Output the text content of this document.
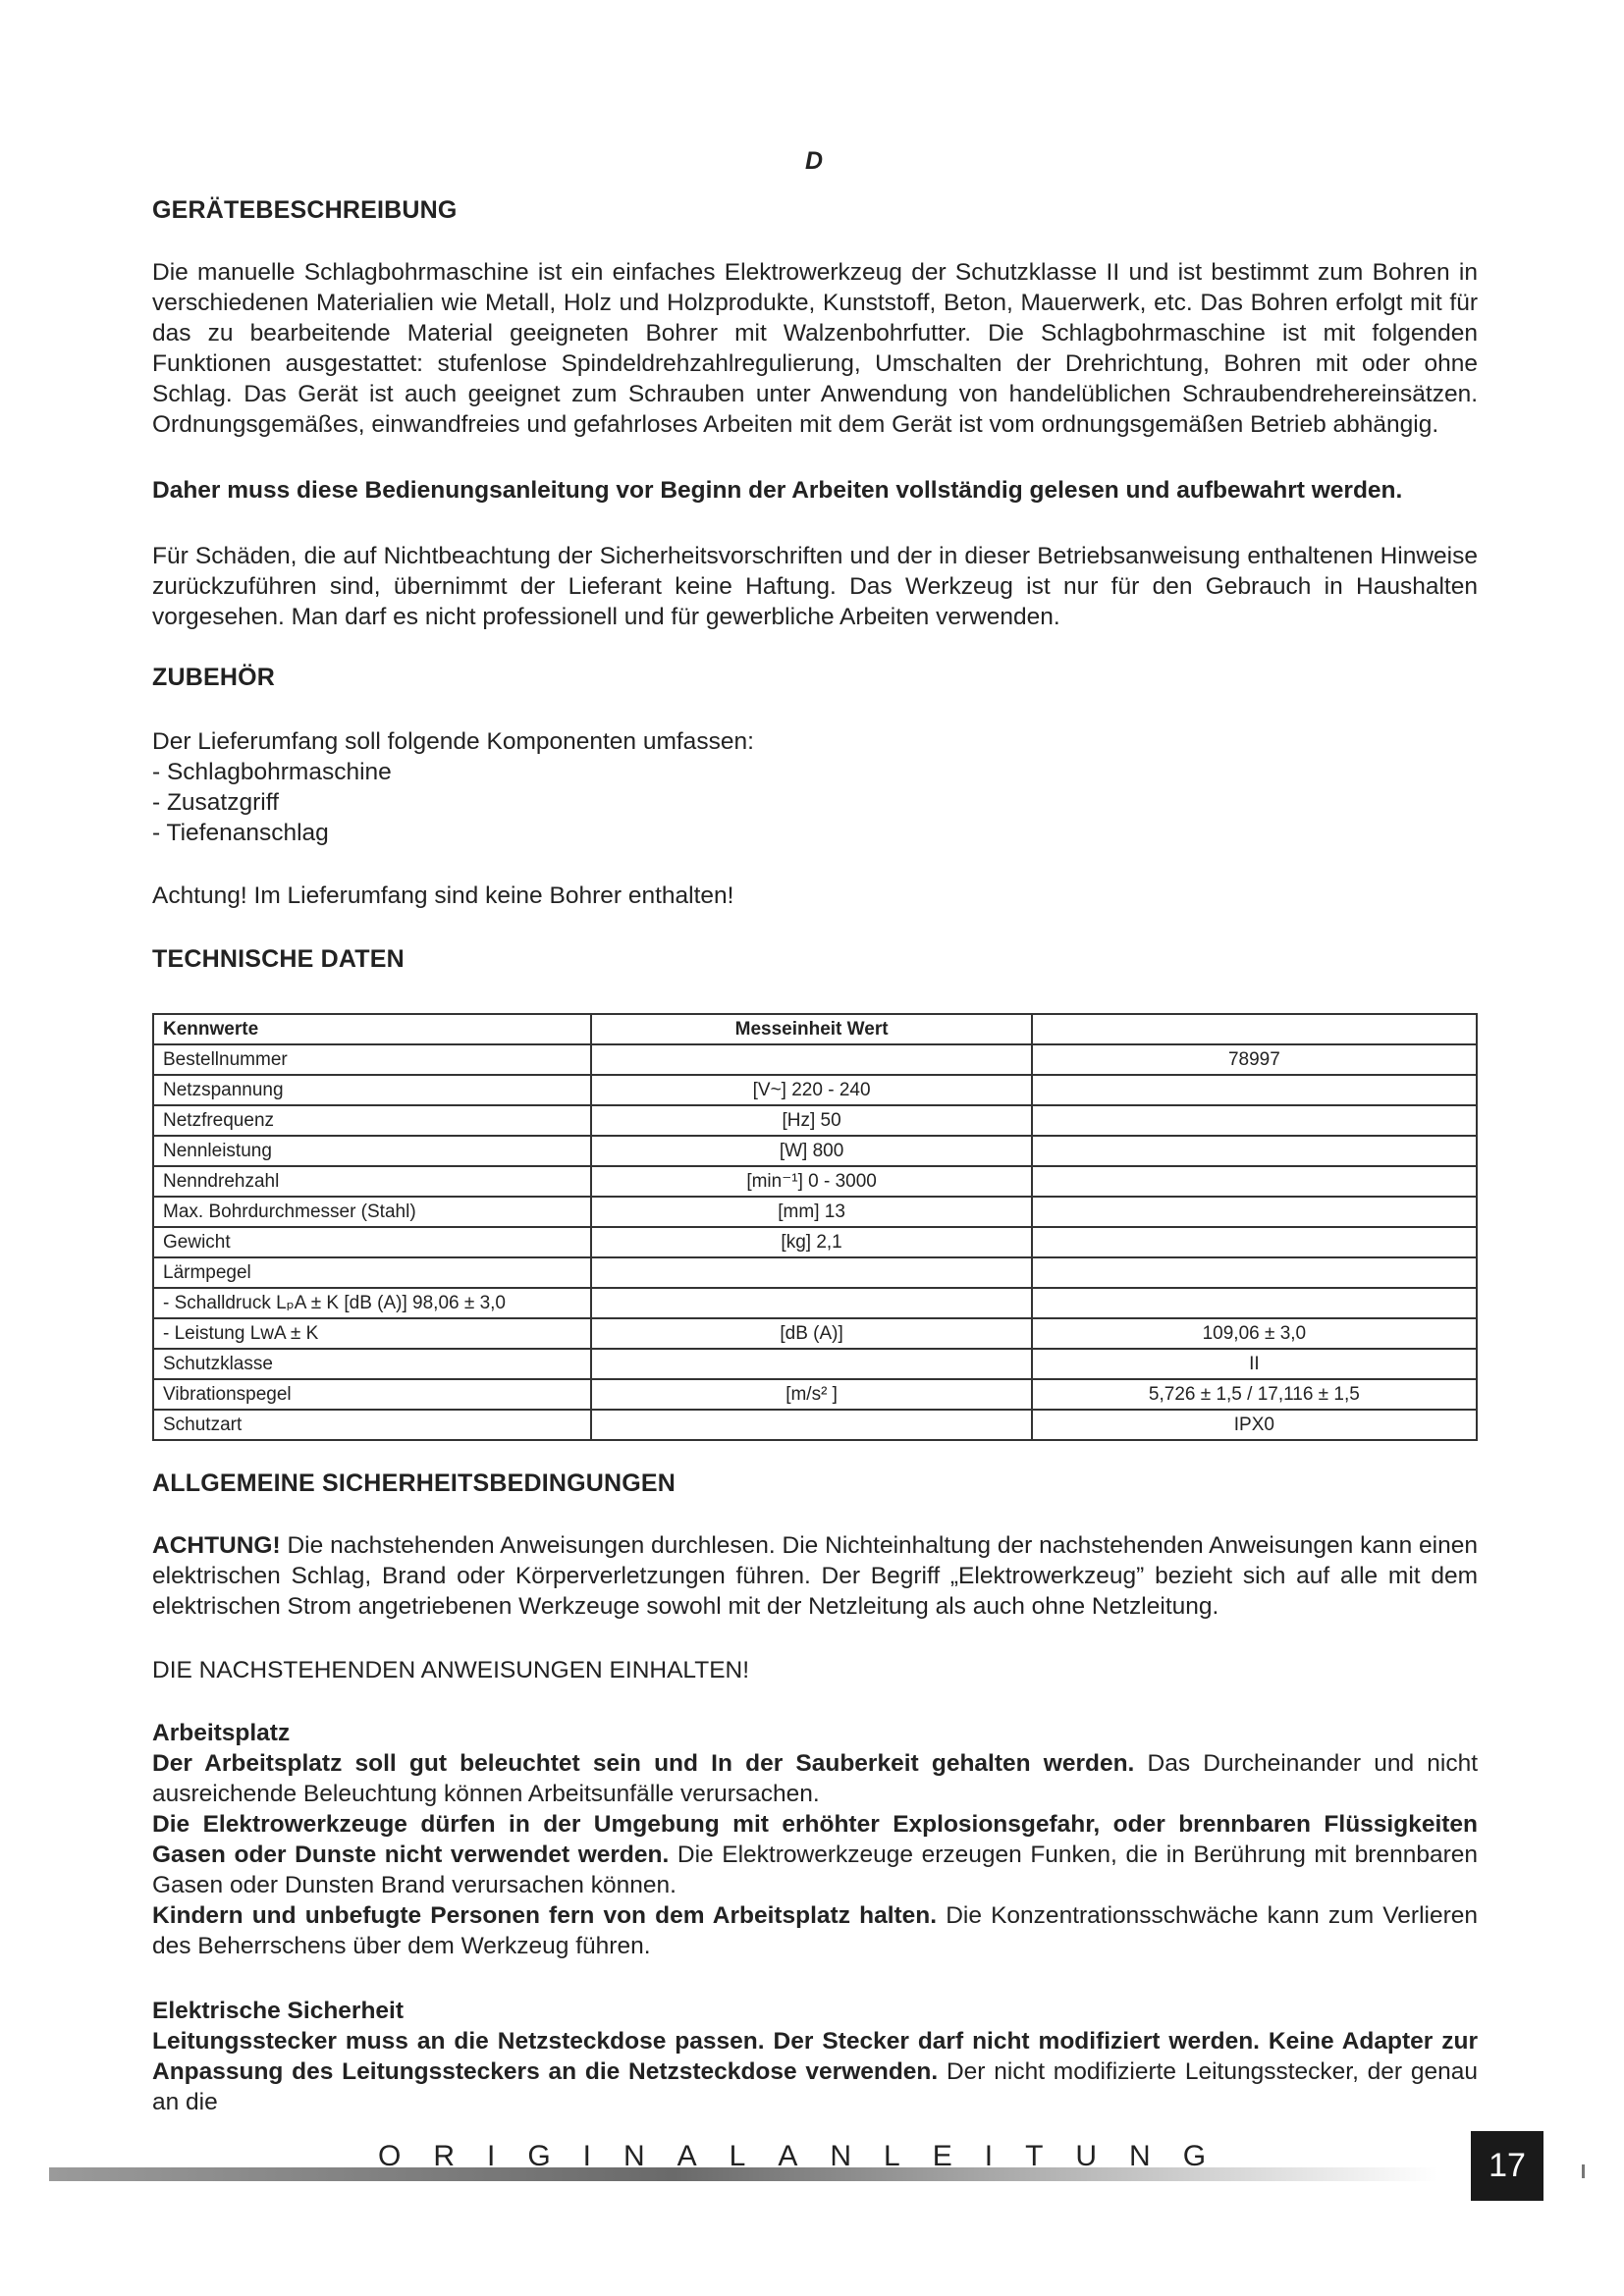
D
GERÄTEBESCHREIBUNG

Die manuelle Schlagbohrmaschine ist ein einfaches Elektrowerkzeug der Schutzklasse II und ist bestimmt zum Bohren in verschiedenen Materialien wie Metall, Holz und Holzprodukte, Kunststoff, Beton, Mauerwerk, etc. Das Bohren erfolgt mit für das zu bearbeitende Material geeigneten Bohrer mit Walzenbohrfutter. Die Schlagbohrmaschine ist mit folgenden Funktionen ausgestattet: stufenlose Spindeldrehzahlregulierung, Umschalten der Drehrichtung, Bohren mit oder ohne Schlag. Das Gerät ist auch geeignet zum Schrauben unter Anwendung von handelüblichen Schraubendrehereinsätzen. Ordnungsgemäßes, einwandfreies und gefahrloses Arbeiten mit dem Gerät ist vom ordnungsgemäßen Betrieb abhängig.

Daher muss diese Bedienungsanleitung vor Beginn der Arbeiten vollständig gelesen und aufbewahrt werden.

Für Schäden, die auf Nichtbeachtung der Sicherheitsvorschriften und der in dieser Betriebsanweisung enthaltenen Hinweise zurückzuführen sind, übernimmt der Lieferant keine Haftung. Das Werkzeug ist nur für den Gebrauch in Haushalten vorgesehen. Man darf es nicht professionell und für gewerbliche Arbeiten verwenden.

ZUBEHÖR

Der Lieferumfang soll folgende Komponenten umfassen:

- Schlagbohrmaschine

- Zusatzgriff

- Tiefenanschlag

Achtung! Im Lieferumfang sind keine Bohrer enthalten!

TECHNISCHE DATEN
Kennwerte	Messeinheit Wert	
Bestellnummer		78997
Netzspannung	[V~] 220 - 240	
Netzfrequenz	[Hz] 50	
Nennleistung	[W] 800	
Nenndrehzahl	[min⁻¹] 0 - 3000	
Max. Bohrdurchmesser (Stahl)	[mm] 13	
Gewicht	[kg] 2,1	
Lärmpegel		
- Schalldruck LₚA ± K [dB (A)] 98,06 ± 3,0		
- Leistung LwA ± K	[dB (A)]	109,06 ± 3,0
Schutzklasse		II
Vibrationspegel	[m/s² ]	5,726 ± 1,5 / 17,116 ± 1,5
Schutzart		IPX0
ALLGEMEINE SICHERHEITSBEDINGUNGEN

ACHTUNG! Die nachstehenden Anweisungen durchlesen. Die Nichteinhaltung der nachstehenden Anweisungen kann einen elektrischen Schlag, Brand oder Körperverletzungen führen. Der Begriff „Elektrowerkzeug” bezieht sich auf alle mit dem elektrischen Strom angetriebenen Werkzeuge sowohl mit der Netzleitung als auch ohne Netzleitung.

DIE NACHSTEHENDEN ANWEISUNGEN EINHALTEN!

Arbeitsplatz

Der Arbeitsplatz soll gut beleuchtet sein und In der Sauberkeit gehalten werden. Das Durcheinander und nicht ausreichende Beleuchtung können Arbeitsunfälle verursachen.

Die Elektrowerkzeuge dürfen in der Umgebung mit erhöhter Explosionsgefahr, oder brennbaren Flüssigkeiten Gasen oder Dunste nicht verwendet werden. Die Elektrowerkzeuge erzeugen Funken, die in Berührung mit brennbaren Gasen oder Dunsten Brand verursachen können.

Kindern und unbefugte Personen fern von dem Arbeitsplatz halten. Die Konzentrationsschwäche kann zum Verlieren des Beherrschens über dem Werkzeug führen.

Elektrische Sicherheit

Leitungsstecker muss an die Netzsteckdose passen. Der Stecker darf nicht modifiziert werden. Keine Adapter zur Anpassung des Leitungssteckers an die Netzsteckdose verwenden. Der nicht modifizierte Leitungsstecker, der genau an die

ORIGINALANLEITUNG	17
